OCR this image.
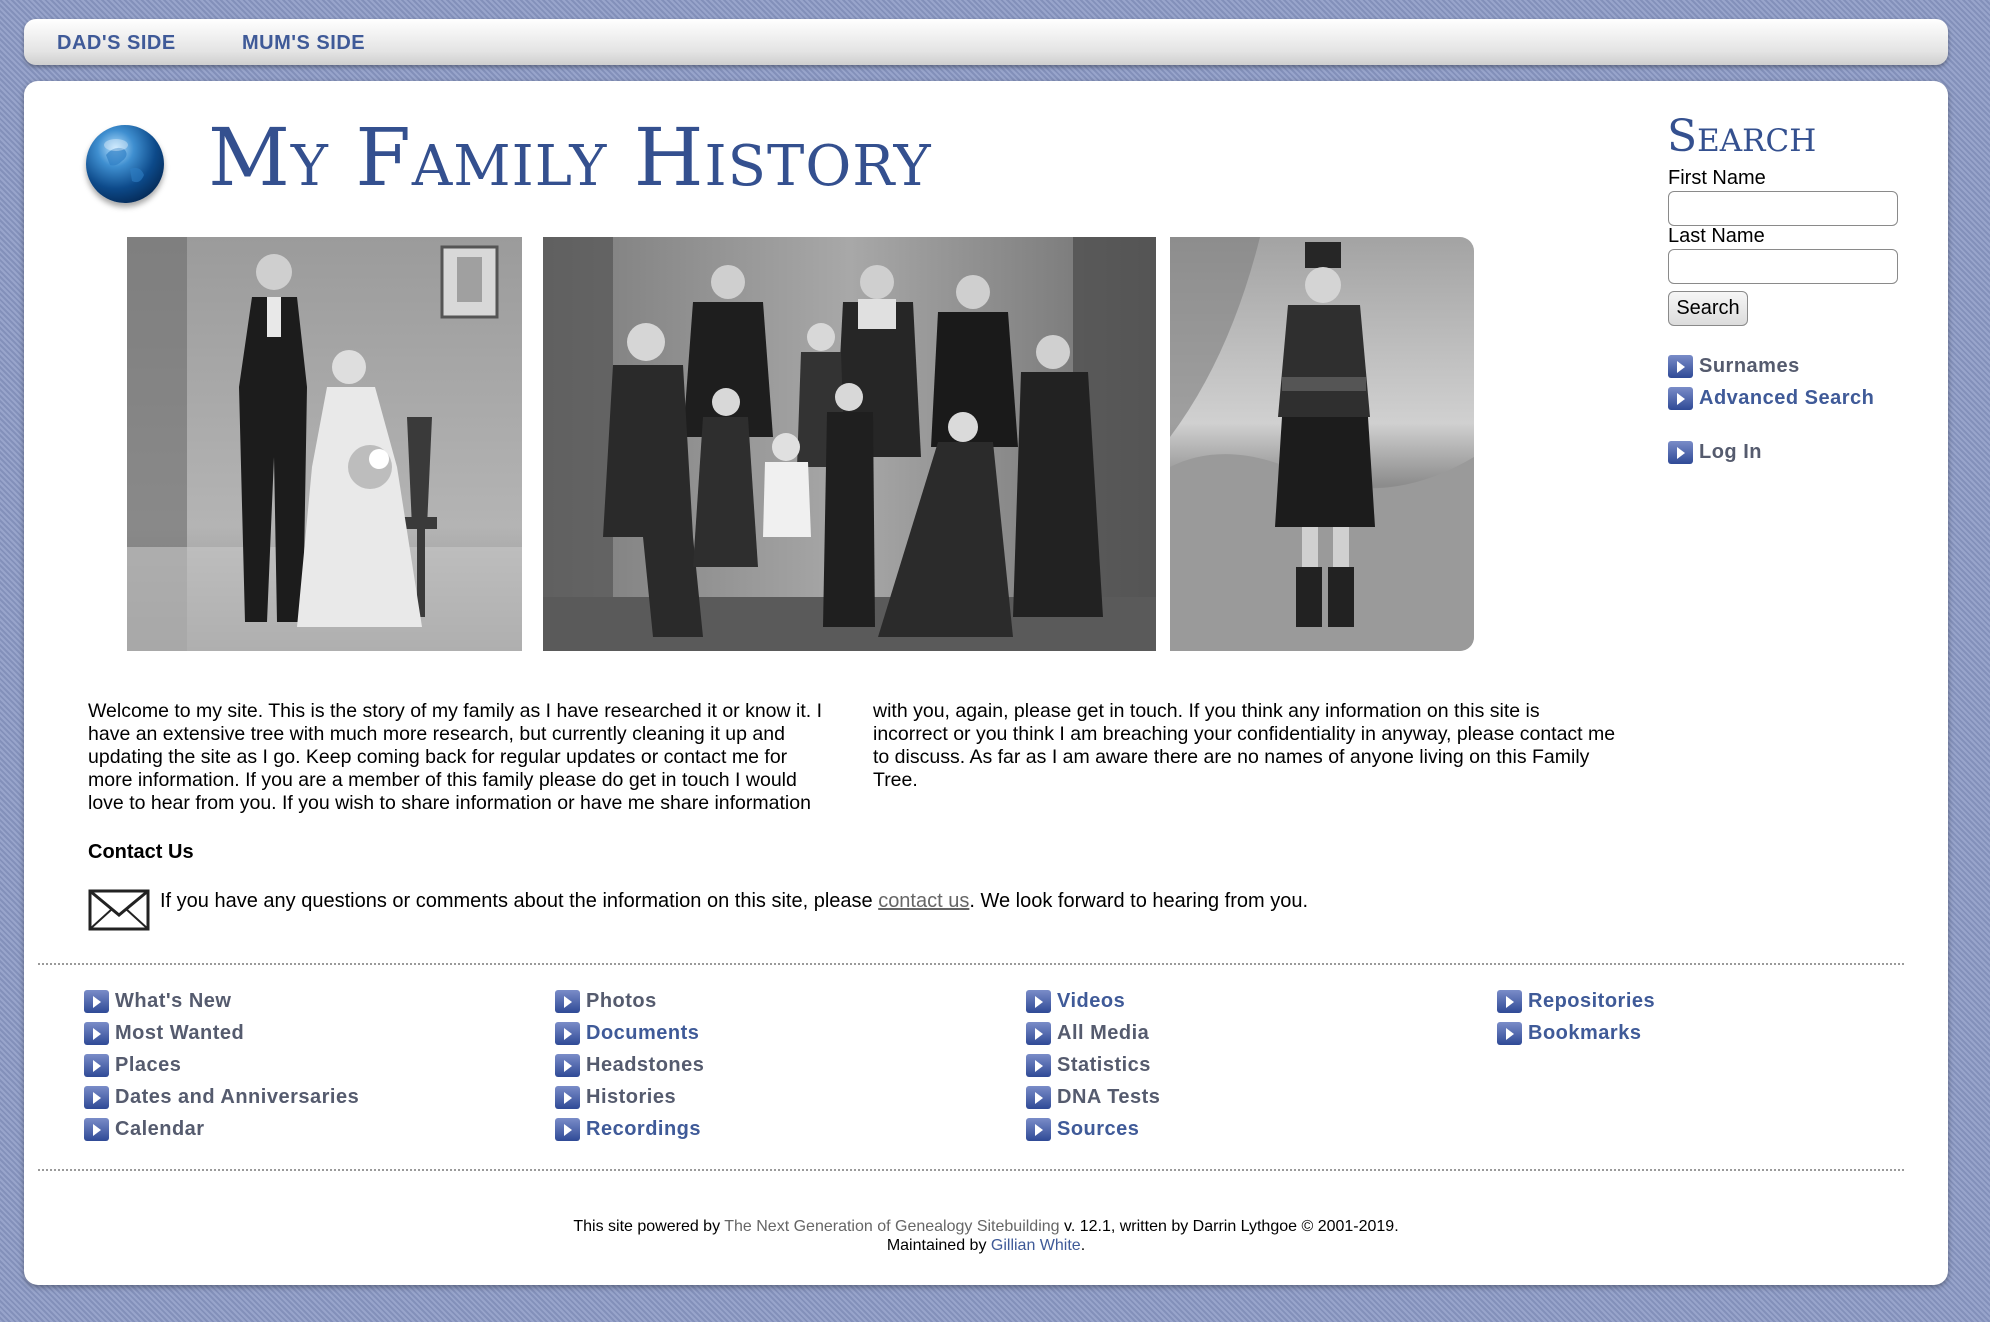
DAD'S SIDE	MUM'S SIDE
My Family History	Search
First Name
Last Name
Search
Surnames
Advanced Search
Log In
Welcome to my site. This is the story of my family as I have researched it or know it. I have an extensive tree with much more research, but currently cleaning it up and updating the site as I go. Keep coming back for regular updates or contact me for more information. If you are a member of this family please do get in touch I would love to hear from you. If you wish to share information or have me share information with you, again, please get in touch. If you think any information on this site is incorrect or you think I am breaching your confidentiality in anyway, please contact me to discuss. As far as I am aware there are no names of anyone living on this Family Tree.
Contact Us
If you have any questions or comments about the information on this site, please contact us. We look forward to hearing from you.
What's New
Most Wanted
Places
Dates and Anniversaries
Calendar
Photos
Documents
Headstones
Histories
Recordings
Videos
All Media
Statistics
DNA Tests
Sources
Repositories
Bookmarks
This site powered by The Next Generation of Genealogy Sitebuilding v. 12.1, written by Darrin Lythgoe © 2001-2019.
Maintained by Gillian White.
